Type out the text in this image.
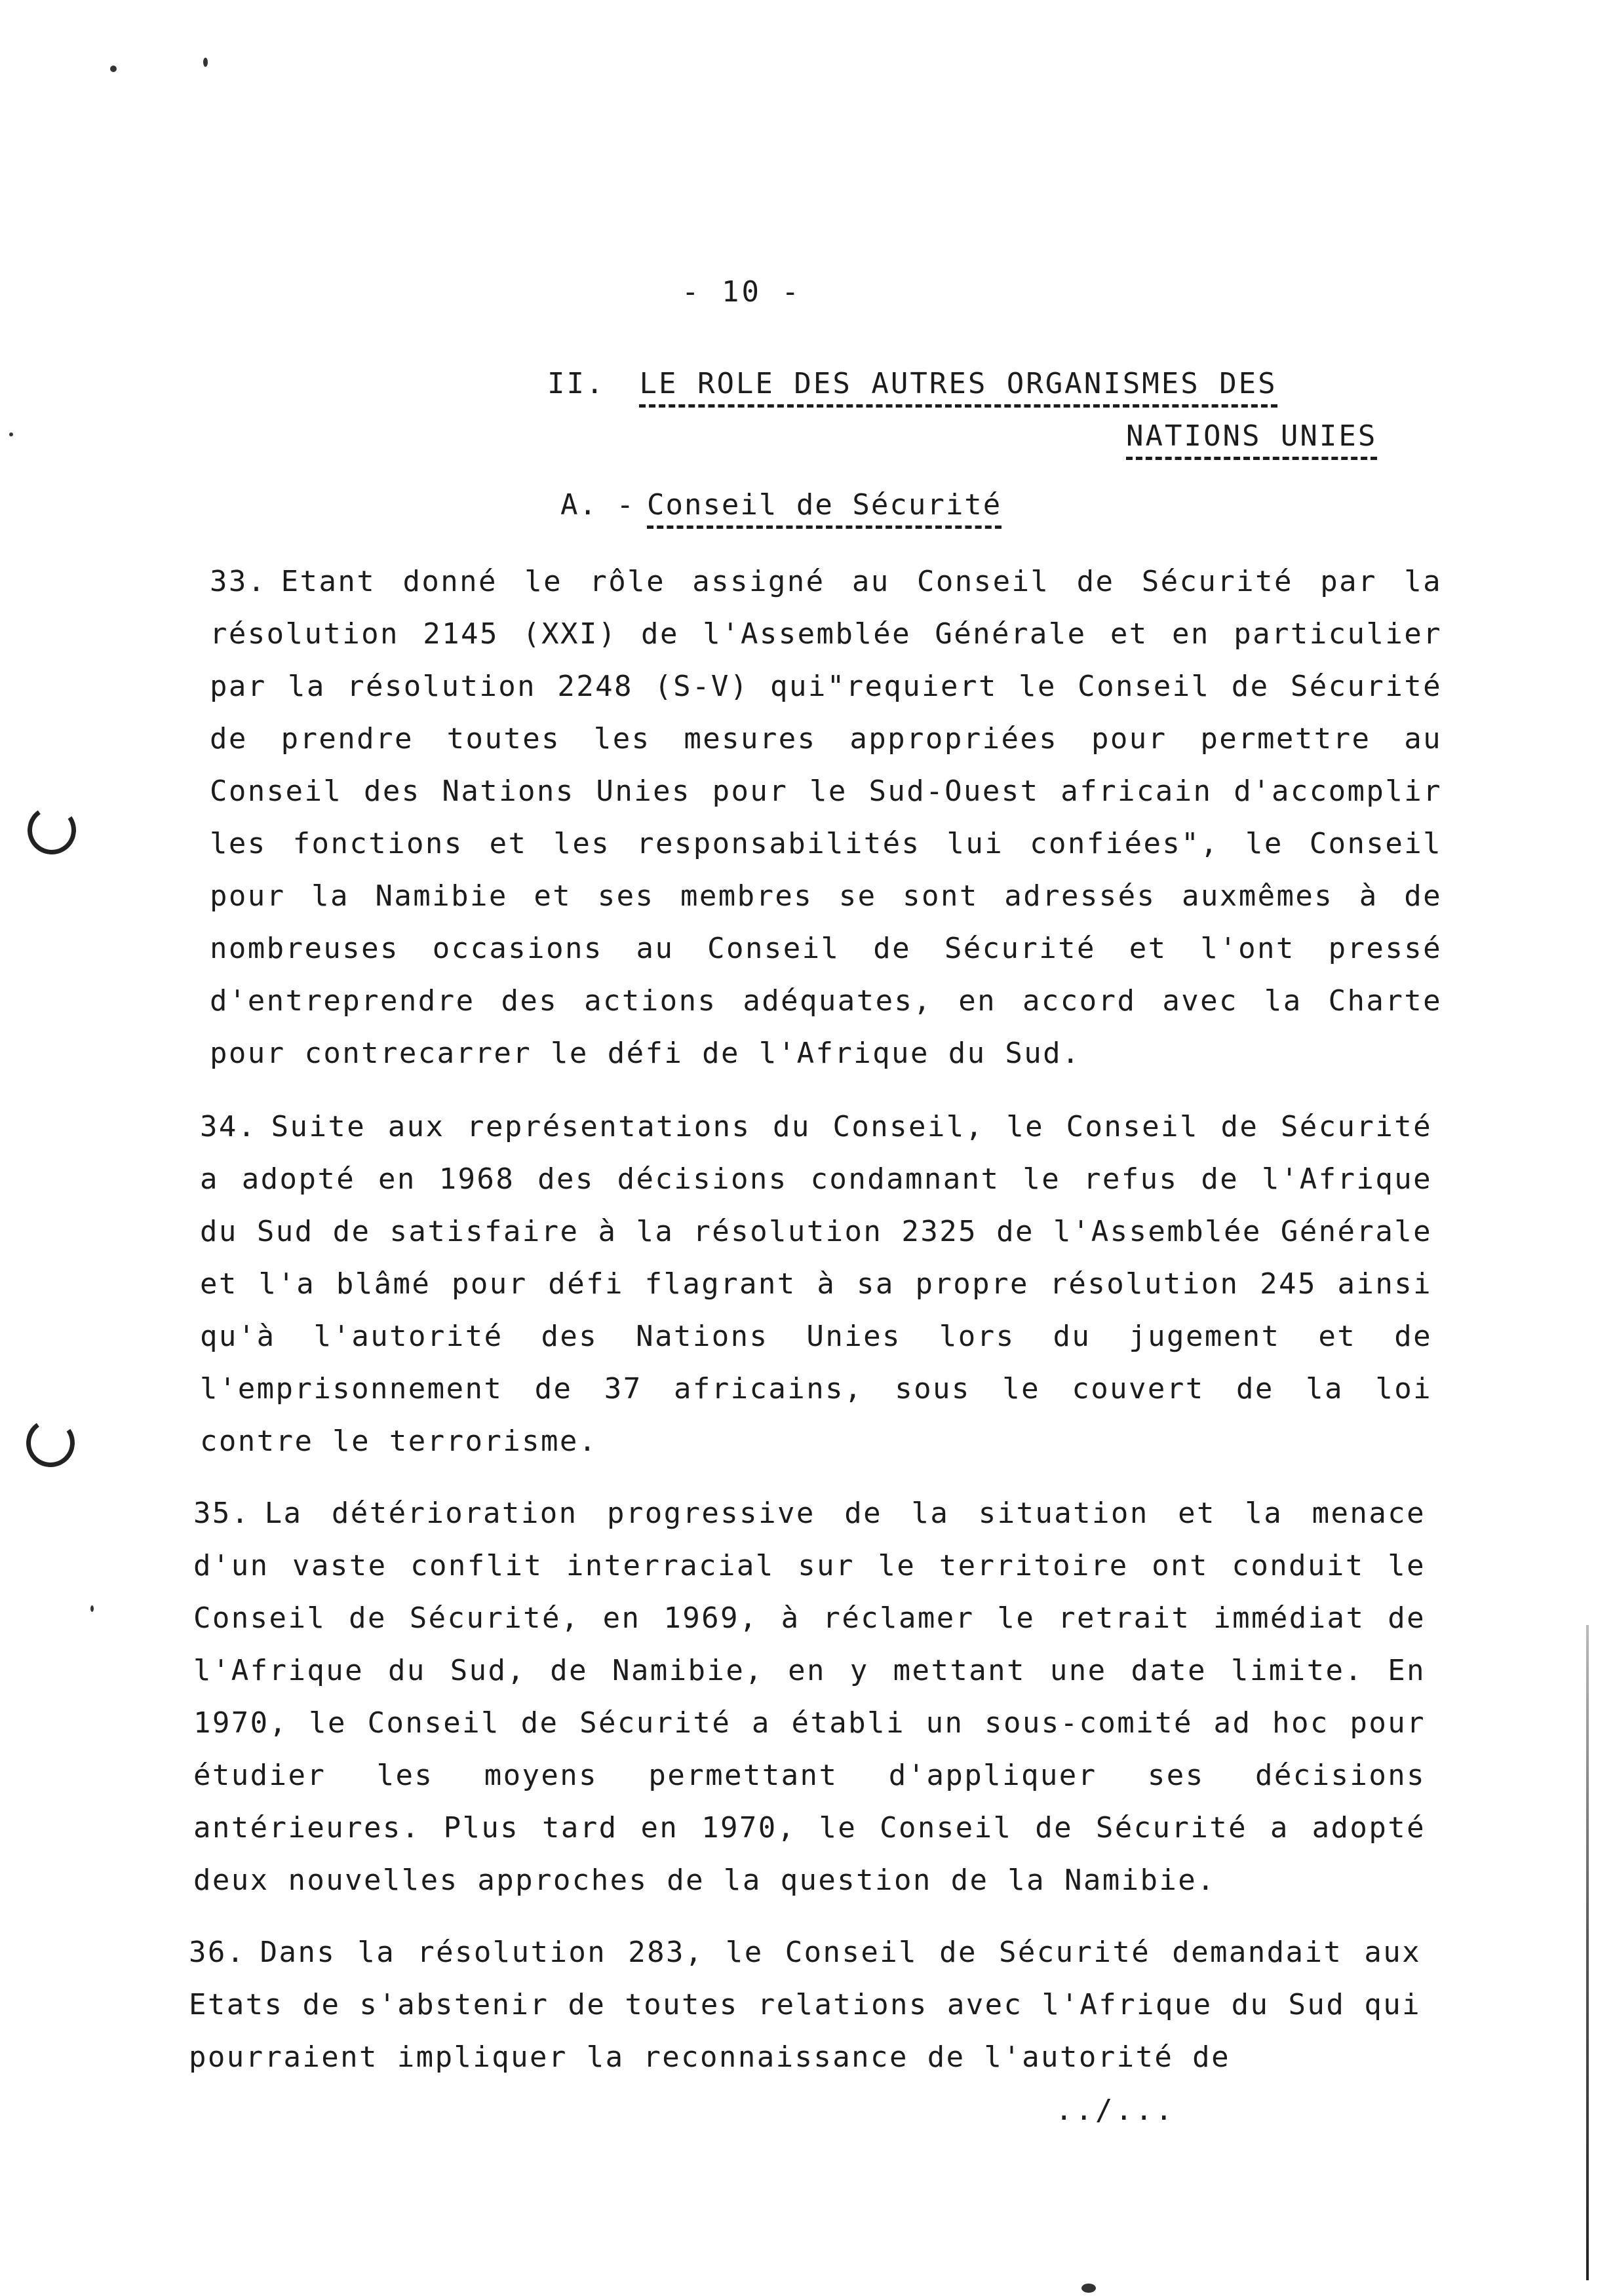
- 10 -
II. LE ROLE DES AUTRES ORGANISMES DES
NATIONS UNIES
A. - Conseil de Sécurité
33. Etant donné le rôle assigné au Conseil de Sécurité par la résolution 2145 (XXI) de l'Assemblée Générale et en particulier par la résolution 2248 (S-V) qui"requiert le Conseil de Sécurité de prendre toutes les mesures appropriées pour permettre au Conseil des Nations Unies pour le Sud-Ouest africain d'accomplir les fonctions et les responsabilités lui confiées", le Conseil pour la Namibie et ses membres se sont adressés auxmêmes à de nombreuses occasions au Conseil de Sécurité et l'ont pressé d'entreprendre des actions adéquates, en accord avec la Charte pour contrecarrer le défi de l'Afrique du Sud.
34. Suite aux représentations du Conseil, le Conseil de Sécurité a adopté en 1968 des décisions condamnant le refus de l'Afrique du Sud de satisfaire à la résolution 2325 de l'Assemblée Générale et l'a blâmé pour défi flagrant à sa propre résolution 245 ainsi qu'à l'autorité des Nations Unies lors du jugement et de l'emprisonnement de 37 africains, sous le couvert de la loi contre le terrorisme.
35. La détérioration progressive de la situation et la menace d'un vaste conflit interracial sur le territoire ont conduit le Conseil de Sécurité, en 1969, à réclamer le retrait immédiat de l'Afrique du Sud, de Namibie, en y mettant une date limite. En 1970, le Conseil de Sécurité a établi un sous-comité ad hoc pour étudier les moyens permettant d'appliquer ses décisions antérieures. Plus tard en 1970, le Conseil de Sécurité a adopté deux nouvelles approches de la question de la Namibie.
36. Dans la résolution 283, le Conseil de Sécurité demandait aux Etats de s'abstenir de toutes relations avec l'Afrique du Sud qui pourraient impliquer la reconnaissance de l'autorité de
../...
